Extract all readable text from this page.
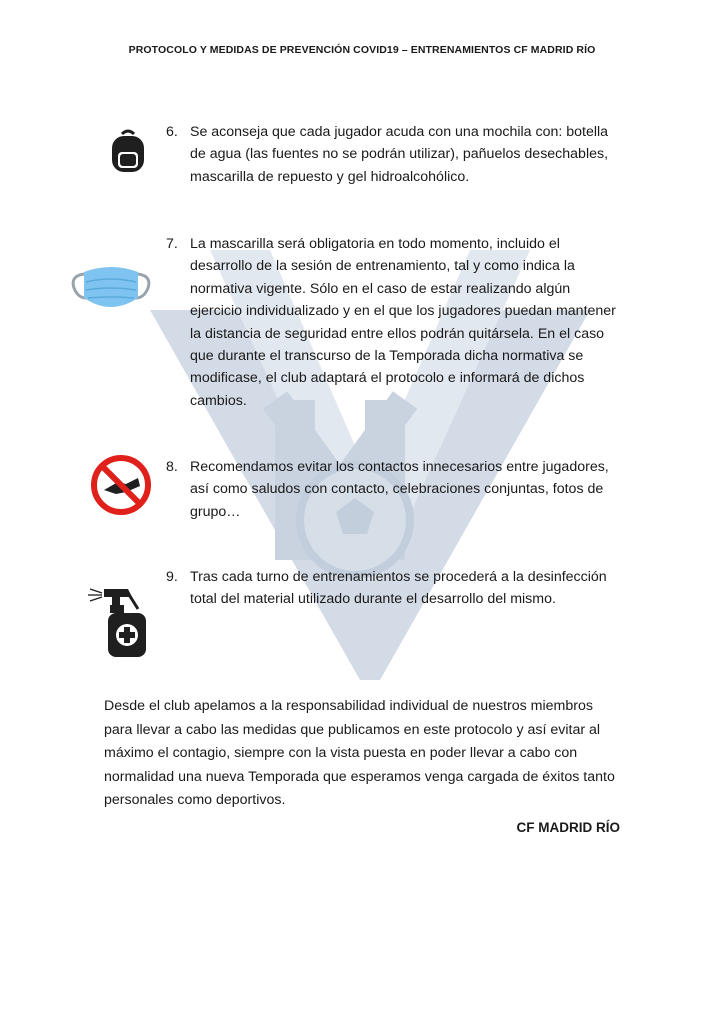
PROTOCOLO Y MEDIDAS DE PREVENCIÓN COVID19 – ENTRENAMIENTOS CF MADRID RÍO
6. Se aconseja que cada jugador acuda con una mochila con: botella de agua (las fuentes no se podrán utilizar), pañuelos desechables, mascarilla de repuesto y gel hidroalcohólico.
7. La mascarilla será obligatoria en todo momento, incluido el desarrollo de la sesión de entrenamiento, tal y como indica la normativa vigente. Sólo en el caso de estar realizando algún ejercicio individualizado y en el que los jugadores puedan mantener la distancia de seguridad entre ellos podrán quitársela. En el caso que durante el transcurso de la Temporada dicha normativa se modificase, el club adaptará el protocolo e informará de dichos cambios.
8. Recomendamos evitar los contactos innecesarios entre jugadores, así como saludos con contacto, celebraciones conjuntas, fotos de grupo…
9. Tras cada turno de entrenamientos se procederá a la desinfección total del material utilizado durante el desarrollo del mismo.
Desde el club apelamos a la responsabilidad individual de nuestros miembros para llevar a cabo las medidas que publicamos en este protocolo y así evitar al máximo el contagio, siempre con la vista puesta en poder llevar a cabo con normalidad una nueva Temporada que esperamos venga cargada de éxitos tanto personales como deportivos.
CF MADRID RÍO
